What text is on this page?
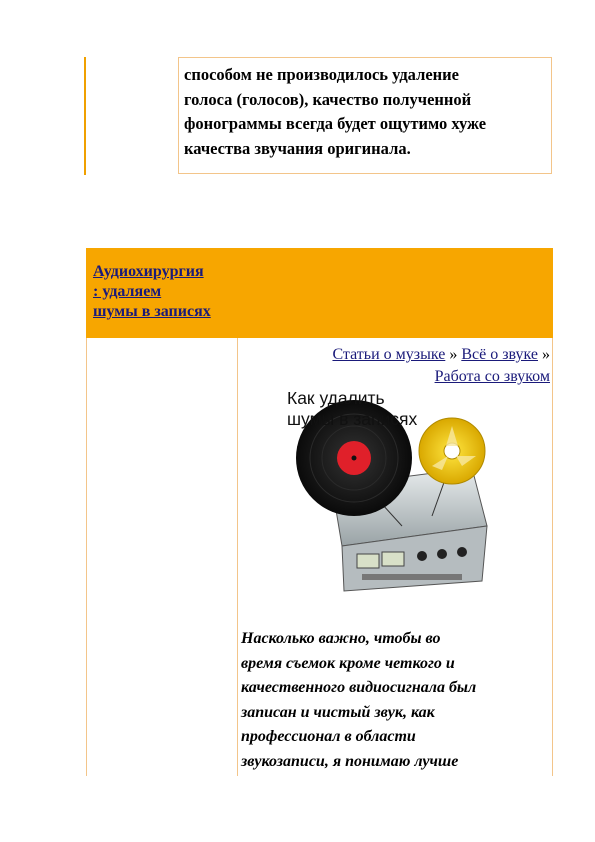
способом не производилось удаление
голоса (голосов), качество полученной
фонограммы всегда будет ощутимо хуже
качества звучания оригинала.
Аудиохирургия
: удаляем
шумы в записях
Статьи о музыке » Всё о звуке » Работа со звуком
Как удалить
шумы в записях
Насколько важно, чтобы во
время съемок кроме четкого и
качественного видиосигнала был
записан и чистый звук, как
профессионал в области
звукозаписи, я понимаю лучше
